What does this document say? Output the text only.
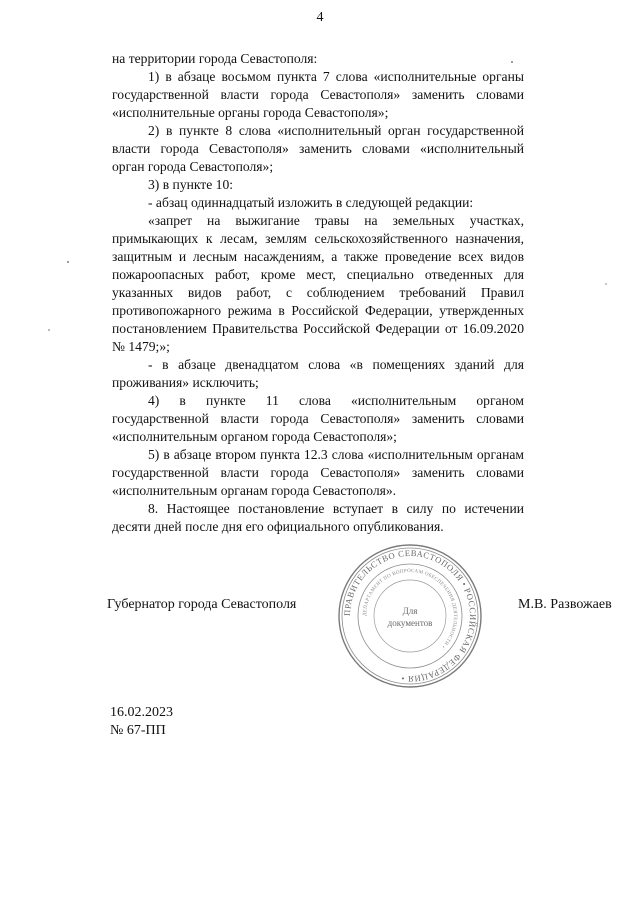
4

на территории города Севастополя:

1) в абзаце восьмом пункта 7 слова «исполнительные органы государственной власти города Севастополя» заменить словами «исполнительные органы города Севастополя»;

2) в пункте 8 слова «исполнительный орган государственной власти города Севастополя» заменить словами «исполнительный орган города Севастополя»;

3) в пункте 10:

- абзац одиннадцатый изложить в следующей редакции:

«запрет на выжигание травы на земельных участках, примыкающих к лесам, землям сельскохозяйственного назначения, защитным и лесным насаждениям, а также проведение всех видов пожароопасных работ, кроме мест, специально отведенных для указанных видов работ, с соблюдением требований Правил противопожарного режима в Российской Федерации, утвержденных постановлением Правительства Российской Федерации от 16.09.2020 № 1479;»;

- в абзаце двенадцатом слова «в помещениях зданий для проживания» исключить;

4) в пункте 11 слова «исполнительным органом государственной власти города Севастополя» заменить словами «исполнительным органом города Севастополя»;

5) в абзаце втором пункта 12.3 слова «исполнительным органам государственной власти города Севастополя» заменить словами «исполнительным органам города Севастополя».

8. Настоящее постановление вступает в силу по истечении десяти дней после дня его официального опубликования.

Губернатор города Севастополя	М.В. Развожаев
ПРАВИТЕЛЬСТВО СЕВАСТОПОЛЯ • РОССИЙСКАЯ ФЕДЕРАЦИЯ •
ДЕПАРТАМЕНТ ПО ВОПРОСАМ ОБЕСПЕЧЕНИЯ ДЕЯТЕЛЬНОСТИ •
Для
документов
16.02.2023
№ 67-ПП
